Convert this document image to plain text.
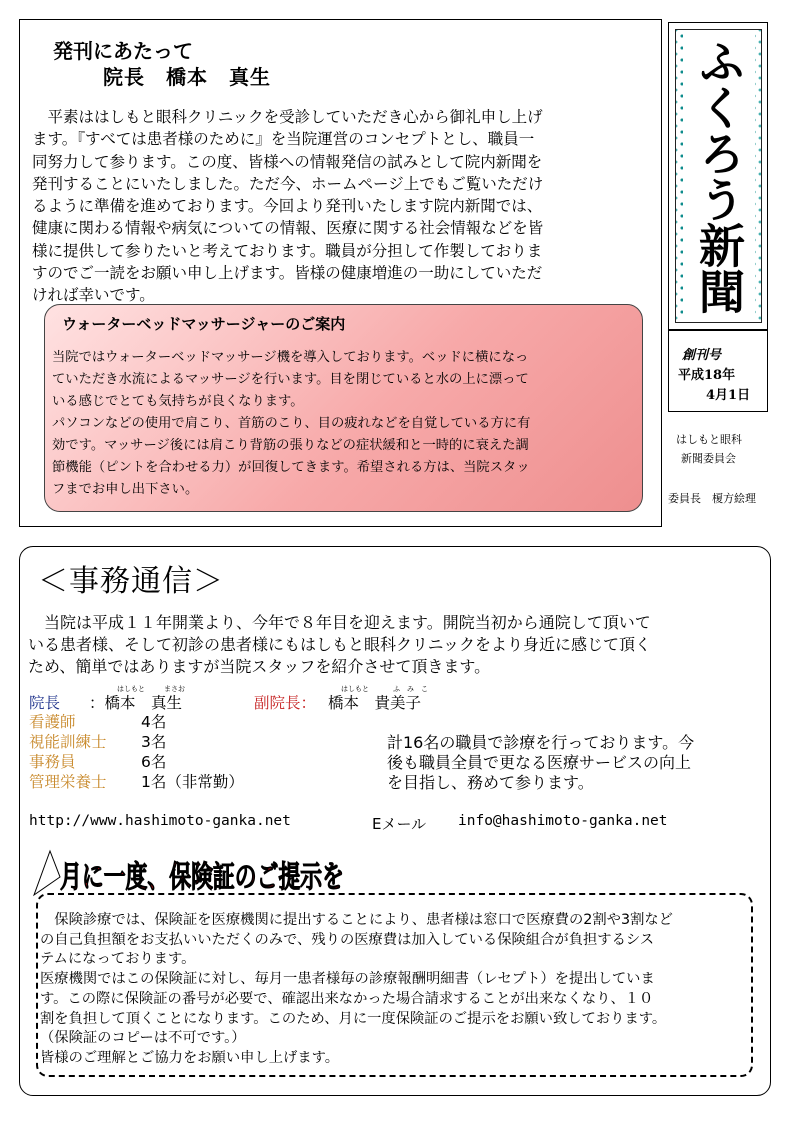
発刊にあたって
院長　橋本　真生
　平素ははしもと眼科クリニックを受診していただき心から御礼申し上げ
ます。『すべては患者様のために』を当院運営のコンセプトとし、職員一
同努力して参ります。この度、皆様への情報発信の試みとして院内新聞を
発刊することにいたしました。ただ今、ホームページ上でもご覧いただけ
るように準備を進めております。今回より発刊いたします院内新聞では、
健康に関わる情報や病気についての情報、医療に関する社会情報などを皆
様に提供して参りたいと考えております。職員が分担して作製しておりま
すのでご一読をお願い申し上げます。皆様の健康増進の一助にしていただ
ければ幸いです。
ウォーターベッドマッサージャーのご案内
当院ではウォーターベッドマッサージ機を導入しております。ベッドに横になっ
ていただき水流によるマッサージを行います。目を閉じていると水の上に漂って
いる感じでとても気持ちが良くなります。
パソコンなどの使用で肩こり、首筋のこり、目の疲れなどを自覚している方に有
効です。マッサージ後には肩こり背筋の張りなどの症状緩和と一時的に衰えた調
節機能（ピントを合わせる力）が回復してきます。希望される方は、当院スタッ
フまでお申し出下さい。
ふくろう新聞
創刊号
平成18年
4月1日
はしもと眼科
新聞委員会
委員長　榎方絵理
＜事務通信＞
　当院は平成１１年開業より、今年で８年目を迎えます。開院当初から通院して頂いて
いる患者様、そして初診の患者様にもはしもと眼科クリニックをより身近に感じて頂く
ため、簡単ではありますが当院スタッフを紹介させて頂きます。
はしもと	まさお	はしもと	ふ　み　こ
院長 ：橋本　真生	副院長： 橋本　貴美子
看護師	4名
視能訓練士 3名
事務員	6名
管理栄養士 1名（非常勤）
計16名の職員で診療を行っております。今
後も職員全員で更なる医療サービスの向上
を目指し、務めて参ります。
http://www.hashimoto-ganka.net	Eメール info@hashimoto-ganka.net
月に一度、保険証のご提示を
　保険診療では、保険証を医療機関に提出することにより、患者様は窓口で医療費の2割や3割など
の自己負担額をお支払いいただくのみで、残りの医療費は加入している保険組合が負担するシス
テムになっております。
医療機関ではこの保険証に対し、毎月一患者様毎の診療報酬明細書（レセプト）を提出していま
す。この際に保険証の番号が必要で、確認出来なかった場合請求することが出来なくなり、１０
割を負担して頂くことになります。このため、月に一度保険証のご提示をお願い致しております。
（保険証のコピーは不可です。）
皆様のご理解とご協力をお願い申し上げます。
